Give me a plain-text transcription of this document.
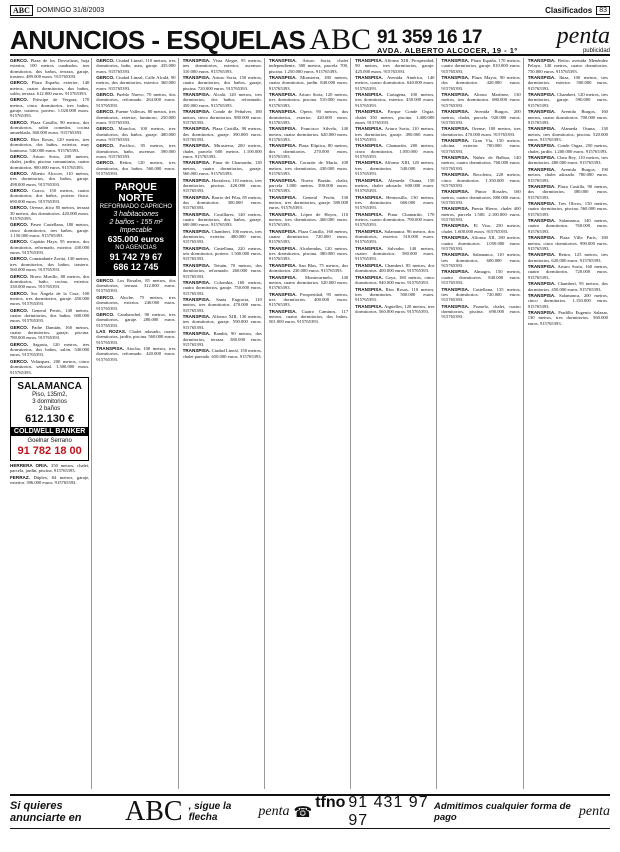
ABC	DOMINGO 31/8/2003	Clasificados	83
ANUNCIOS - ESQUELAS ABC 91 359 16 17
AVDA. ALBERTO ALCOCER, 19 - 1º
penta
publicidad

GERCO. Plaza de los Dosvalizas, hoja exterior, 100 metros cuadrados, tres dormitorios, dos baños, terraza, garaje, trastero. 489.000 euros. 915765393.

GERCO. Plaza España, exterior, 140 metros, cuatro dormitorios, dos baños, salón, terraza. 612.000 euros. 915765393.

GERCO. Príncipe de Vergara, 170 metros, cinco dormitorios, tres baños, garaje, trastero, portero. 1.020.000 euros. 915765393.

GERCO. Plaza Castilla, 90 metros, dos dormitorios, salón comedor, cocina amueblada, 360.000 euros. 915765393.

GERCO. Ríos Rosas, 120 metros, tres dormitorios, dos baños, exterior, muy luminoso. 540.000 euros. 915765393.

GERCO. Arturo Soria, 200 metros, chalet, jardín, piscina comunitaria, cuatro dormitorios. 900.000 euros. 915765393.

GERCO. Alberto Alcocer, 110 metros, tres dormitorios, dos baños, garaje. 498.000 euros. 915765393.

GERCO. Cuzco, 150 metros, cuatro dormitorios, dos baños, portero físico. 690.000 euros. 915765393.

GERCO. Orense, ático 85 metros, terraza 30 metros, dos dormitorios. 420.000 euros. 915765393.

GERCO. Paseo Castellana, 180 metros, cinco dormitorios, tres baños, garaje. 1.150.000 euros. 915765393.

GERCO. Capitán Haya, 95 metros, dos dormitorios, reformado, exterior. 430.000 euros. 915765393.

GERCO. Comandante Zorita, 130 metros, tres dormitorios, dos baños, trastero. 560.000 euros. 915765393.

GERCO. Bravo Murillo, 80 metros, dos dormitorios, baño, cocina, exterior. 330.000 euros. 915765393.

GERCO. Sor Ángela de la Cruz, 100 metros, tres dormitorios, garaje. 450.000 euros. 915765393.

GERCO. General Perón, 140 metros, cuatro dormitorios, dos baños. 600.000 euros. 915765393.

GERCO. Padre Damián, 160 metros, cuatro dormitorios, garaje, piscina. 780.000 euros. 915765393.

GERCO. Sagasta, 120 metros, tres dormitorios, dos baños, salón. 540.000 euros. 915765393.

GERCO. Velázquez, 200 metros, cinco dormitorios, señorial. 1.300.000 euros. 915765393.

SALAMANCA
Piso, 135m2,
3 dormitorios
2 baños
612.130 €
COLDWELL BANKER
Goelnar Serrano
91 782 18 00

HERRERA ORIA. 350 metros, chalet, parcela, jardín, piscina. 915765393.

FERRAZ. Dúplex, 84 metros, garaje, exterior. 396.000 euros. 915765393.

GERCO. Ciudad Lineal, 110 metros, tres dormitorios, baño, aseo, garaje. 435.000 euros. 915765393.

GERCO. Ciudad Lineal, Calle Alcalá, 90 metros, dos dormitorios, exterior. 360.000 euros. 915765393.

GERCO. Pueblo Nuevo, 70 metros, dos dormitorios, reformado. 264.000 euros. 915765393.

GERCO. Puente Vallecas, 80 metros, tres dormitorios, exterior, luminoso. 250.000 euros. 915765393.

GERCO. Moncloa, 100 metros, tres dormitorios, dos baños, garaje. 480.000 euros. 915765393.

GERCO. Pacífico, 95 metros, tres dormitorios, baño, ascensor. 390.000 euros. 915765393.

GERCO. Retiro, 120 metros, tres dormitorios, dos baños. 560.000 euros. 915765393.

PARQUE NORTE
REFORMADO CAPRICHO
3 habitaciones
2 baños - 155 m²
Impecable
635.000 euros
NO AGENCIAS
91 742 79 67
686 12 745

GERCO. Los Rosales, 85 metros, dos dormitorios, terraza. 312.000 euros. 915765393.

GERCO. Aluche, 75 metros, tres dormitorios, exterior. 240.000 euros. 915765393.

GERCO. Carabanchel, 90 metros, tres dormitorios, garaje. 280.000 euros. 915765393.

LAS ROZAS. Chalet adosado, cuatro dormitorios, jardín, piscina. 560.000 euros. 915765393.

TRANSPISA. Atocha, 100 metros, tres dormitorios, reformado. 420.000 euros. 915765393.

TRANSPISA. Vista Alegre, 95 metros, tres dormitorios, exterior, ascensor. 310.000 euros. 915765393.

TRANSPISA. Arturo Soria, 150 metros, cuatro dormitorios, dos baños, garaje, piscina. 720.000 euros. 915765393.

TRANSPISA. Alcalá, 120 metros, tres dormitorios, dos baños, reformado. 450.000 euros. 915765393.

TRANSPISA. Conde de Peñalver, 180 metros, cinco dormitorios. 980.000 euros. 915765393.

TRANSPISA. Plaza Castilla, 90 metros, dos dormitorios, garaje. 390.000 euros. 915765393.

TRANSPISA. Mirasierra, 200 metros, chalet, parcela 600 metros. 1.100.000 euros. 915765393.

TRANSPISA. Pinar de Chamartín, 130 metros, cuatro dormitorios, garaje. 560.000 euros. 915765393.

TRANSPISA. Hortaleza, 110 metros, tres dormitorios, piscina. 420.000 euros. 915765393.

TRANSPISA. Barrio del Pilar, 85 metros, dos dormitorios. 300.000 euros. 915765393.

TRANSPISA. Costillares, 140 metros, cuatro dormitorios, dos baños, garaje. 600.000 euros. 915765393.

TRANSPISA. Chamberí, 100 metros, tres dormitorios, exterior. 480.000 euros. 915765393.

TRANSPISA. Castellana, 220 metros, seis dormitorios, portero. 1.500.000 euros. 915765393.

TRANSPISA. Tetuán, 70 metros, dos dormitorios, reformado. 260.000 euros. 915765393.

TRANSPISA. Colombia, 160 metros, cuatro dormitorios, garaje. 750.000 euros. 915765393.

TRANSPISA. Santa Engracia, 110 metros, tres dormitorios. 470.000 euros. 915765393.

TRANSPISA. Alfonso XIII, 130 metros, tres dormitorios, garaje. 590.000 euros. 915765393.

TRANSPISA. Bambú, 90 metros, dos dormitorios, terraza. 380.000 euros. 915765393.

TRANSPISA. Ciudad Lineal, 150 metros, chalet pareado. 650.000 euros. 915765393.

TRANSPISA. Arturo Soria, chalet independiente, 300 metros, parcela 700, piscina. 1.250.000 euros. 915765393.

TRANSPISA. Mirasierra, 180 metros, cuatro dormitorios, jardín. 840.000 euros. 915765393.

TRANSPISA. Arturo Soria, 120 metros, tres dormitorios, piscina. 510.000 euros. 915765393.

TRANSPISA. Opera, 90 metros, dos dormitorios, exterior. 420.000 euros. 915765393.

TRANSPISA. Francisco Silvela, 140 metros, cuatro dormitorios. 620.000 euros. 915765393.

TRANSPISA. Plaza Elíptica, 80 metros, dos dormitorios. 270.000 euros. 915765393.

TRANSPISA. Corazón de María, 100 metros, tres dormitorios. 430.000 euros. 915765393.

TRANSPISA. Nuevo Baztán, chalet, parcela 1.000 metros. 390.000 euros. 915765393.

TRANSPISA. General Perón, 130 metros, tres dormitorios, garaje. 580.000 euros. 915765393.

TRANSPISA. López de Hoyos, 110 metros, tres dormitorios. 460.000 euros. 915765393.

TRANSPISA. Plaza Castilla, 160 metros, cuatro dormitorios. 720.000 euros. 915765393.

TRANSPISA. Alcobendas, 120 metros, tres dormitorios, piscina. 380.000 euros. 915765393.

TRANSPISA. San Blas, 75 metros, dos dormitorios. 230.000 euros. 915765393.

TRANSPISA. Montecarmelo, 140 metros, cuatro dormitorios. 520.000 euros. 915765393.

TRANSPISA. Prosperidad, 95 metros, tres dormitorios. 400.000 euros. 915765393.

TRANSPISA. Cuatro Caminos, 117 metros, cuatro dormitorios, dos baños. 501.000 euros. 915765393.

TRANSPISA. Alfonso XIII, Prosperidad, 90 metros, tres dormitorios, garaje. 425.000 euros. 915765393.

TRANSPISA. Avenida América, 140 metros, cuatro dormitorios. 640.000 euros. 915765393.

TRANSPISA. Cartagena, 100 metros, tres dormitorios, exterior. 450.000 euros. 915765393.

TRANSPISA. Parque Conde Orgaz, chalet 350 metros, piscina. 1.400.000 euros. 915765393.

TRANSPISA. Arturo Soria, 110 metros, tres dormitorios, garaje. 490.000 euros. 915765393.

TRANSPISA. Chamartín, 200 metros, cinco dormitorios. 1.050.000 euros. 915765393.

TRANSPISA. Alfonso XIII, 120 metros, tres dormitorios. 540.000 euros. 915765393.

TRANSPISA. Alameda Osuna, 150 metros, chalet adosado. 600.000 euros. 915765393.

TRANSPISA. Hermosilla, 130 metros, tres dormitorios. 660.000 euros. 915765393.

TRANSPISA. Pinar Chamartín, 170 metros, cuatro dormitorios. 790.000 euros. 915765393.

TRANSPISA. Salamanca, 96 metros, dos dormitorios, exterior. 510.000 euros. 915765393.

TRANSPISA. Salvador, 140 metros, cuatro dormitorios. 580.000 euros. 915765393.

TRANSPISA. Chamberí, 85 metros, dos dormitorios. 400.000 euros. 915765393.

TRANSPISA. Goya, 180 metros, cinco dormitorios. 940.000 euros. 915765393.

TRANSPISA. Ríos Rosas, 110 metros, tres dormitorios. 500.000 euros. 915765393.

TRANSPISA. Argüelles, 120 metros, tres dormitorios. 560.000 euros. 915765393.

TRANSPISA. Plaza España, 170 metros, cuatro dormitorios, garaje. 810.000 euros. 915765393.

TRANSPISA. Plaza Mayor, 90 metros, dos dormitorios. 420.000 euros. 915765393.

TRANSPISA. Alonso Martínez, 130 metros, tres dormitorios. 680.000 euros. 915765393.

TRANSPISA. Avenida Burgos, 200 metros, chalet, parcela. 920.000 euros. 915765393.

TRANSPISA. Orense, 100 metros, tres dormitorios. 470.000 euros. 915765393.

TRANSPISA. Gran Vía, 150 metros, oficina, exterior. 700.000 euros. 915765393.

TRANSPISA. Núñez de Balboa, 140 metros, cuatro dormitorios. 760.000 euros. 915765393.

TRANSPISA. Recoletos, 220 metros, cinco dormitorios. 1.350.000 euros. 915765393.

TRANSPISA. Pintor Rosales, 160 metros, cuatro dormitorios. 880.000 euros. 915765393.

TRANSPISA. Puerta Hierro, chalet 400 metros, parcela 1.500. 2.100.000 euros. 915765393.

TRANSPISA. El Viso, 250 metros, chalet. 1.600.000 euros. 915765393.

TRANSPISA. Alfonso XII, 180 metros, cuatro dormitorios. 1.050.000 euros. 915765393.

TRANSPISA. Salamanca, 110 metros, tres dormitorios. 600.000 euros. 915765393.

TRANSPISA. Almagro, 150 metros, cuatro dormitorios. 840.000 euros. 915765393.

TRANSPISA. Castellana, 135 metros, tres dormitorios. 720.000 euros. 915765393.

TRANSPISA. Pozuelo, chalet, cuatro dormitorios, piscina. 690.000 euros. 915765393.

TRANSPISA. Retiro avenida Menéndez Pelayo, 140 metros, cuatro dormitorios. 750.000 euros. 915765393.

TRANSPISA. Ibiza, 100 metros, tres dormitorios, exterior. 500.000 euros. 915765393.

TRANSPISA. Chamberí, 120 metros, tres dormitorios, garaje. 590.000 euros. 915765393.

TRANSPISA. Avenida Burgos, 160 metros, cuatro dormitorios. 700.000 euros. 915765393.

TRANSPISA. Alameda Osuna, 130 metros, tres dormitorios, piscina. 520.000 euros. 915765393.

TRANSPISA. Conde Orgaz, 250 metros, chalet, jardín. 1.200.000 euros. 915765393.

TRANSPISA. Clara Rey, 110 metros, tres dormitorios. 480.000 euros. 915765393.

TRANSPISA. Avenida Burgos, 190 metros, chalet adosado. 780.000 euros. 915765393.

TRANSPISA. Plaza Castilla, 90 metros, dos dormitorios. 380.000 euros. 915765393.

TRANSPISA. Tres Olivos, 150 metros, cuatro dormitorios, piscina. 560.000 euros. 915765393.

TRANSPISA. Salamanca, 140 metros, cuatro dormitorios. 760.000 euros. 915765393.

TRANSPISA. Plaza Villa París, 180 metros, cinco dormitorios. 990.000 euros. 915765393.

TRANSPISA. Retiro, 125 metros, tres dormitorios. 620.000 euros. 915765393.

TRANSPISA. Arturo Soria, 160 metros, cuatro dormitorios. 720.000 euros. 915765393.

TRANSPISA. Chamberí, 95 metros, dos dormitorios. 450.000 euros. 915765393.

TRANSPISA. Salamanca, 200 metros, cinco dormitorios. 1.150.000 euros. 915765393.

TRANSPISA. Pradillo Eugenio Salazar, 130 metros, tres dormitorios. 560.000 euros. 915765393.

Si quieres anunciarte en	ABC , sigue la flecha	penta ☎
tfno 91 431 97 97
Admitimos cualquier forma de pago	penta
